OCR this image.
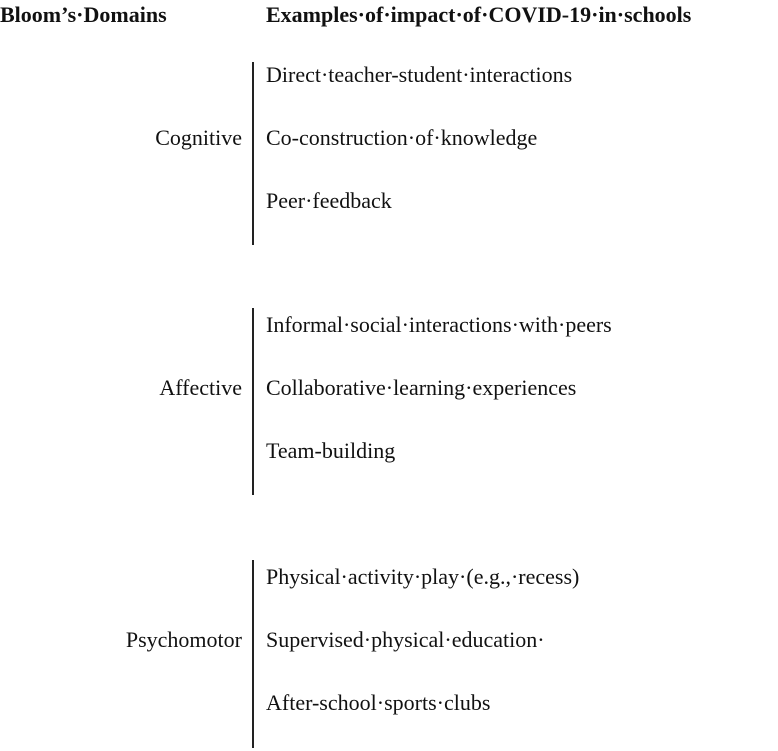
Bloom’s·Domains	Examples·of·impact·of·COVID-19·in·schools
Cognitive
Direct·teacher-student·interactions
Co-construction·of·knowledge
Peer·feedback
Affective
Informal·social·interactions·with·peers
Collaborative·learning·experiences
Team-building
Psychomotor
Physical·activity·play·(e.g.,·recess)
Supervised·physical·education·
After-school·sports·clubs
